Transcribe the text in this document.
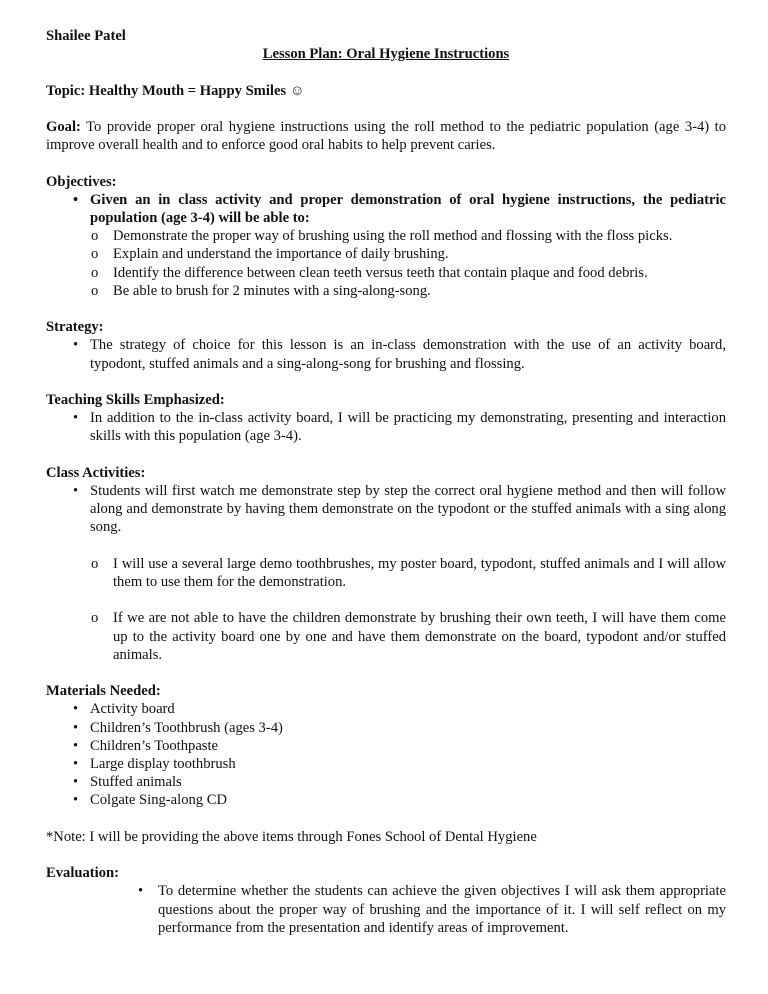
Shailee Patel

Lesson Plan: Oral Hygiene Instructions

Topic: Healthy Mouth = Happy Smiles ☺

Goal: To provide proper oral hygiene instructions using the roll method to the pediatric population (age 3-4) to improve overall health and to enforce good oral habits to help prevent caries.

Objectives:

• Given an in class activity and proper demonstration of oral hygiene instructions, the pediatric population (age 3-4) will be able to:
o Demonstrate the proper way of brushing using the roll method and flossing with the floss picks.
o Explain and understand the importance of daily brushing.
o Identify the difference between clean teeth versus teeth that contain plaque and food debris.
o Be able to brush for 2 minutes with a sing-along-song.

Strategy:

• The strategy of choice for this lesson is an in-class demonstration with the use of an activity board, typodont, stuffed animals and a sing-along-song for brushing and flossing.

Teaching Skills Emphasized:

• In addition to the in-class activity board, I will be practicing my demonstrating, presenting and interaction skills with this population (age 3-4).

Class Activities:

• Students will first watch me demonstrate step by step the correct oral hygiene method and then will follow along and demonstrate by having them demonstrate on the typodont or the stuffed animals with a sing along song.
o I will use a several large demo toothbrushes, my poster board, typodont, stuffed animals and I will allow them to use them for the demonstration.
o If we are not able to have the children demonstrate by brushing their own teeth, I will have them come up to the activity board one by one and have them demonstrate on the board, typodont and/or stuffed animals.

Materials Needed:

• Activity board
• Children’s Toothbrush (ages 3-4)
• Children’s Toothpaste
• Large display toothbrush
• Stuffed animals
• Colgate Sing-along CD

*Note: I will be providing the above items through Fones School of Dental Hygiene

Evaluation:

• To determine whether the students can achieve the given objectives I will ask them appropriate questions about the proper way of brushing and the importance of it. I will self reflect on my performance from the presentation and identify areas of improvement.
